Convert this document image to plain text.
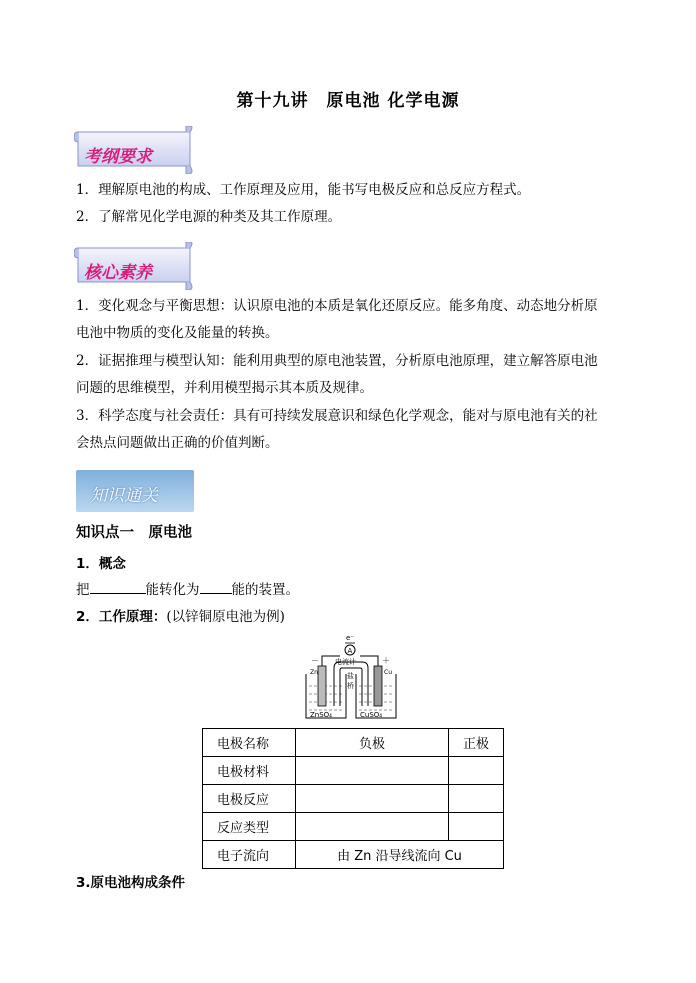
第十九讲　原电池 化学电源
考纲要求
1．理解原电池的构成、工作原理及应用，能书写电极反应和总反应方程式。
2．了解常见化学电源的种类及其工作原理。
核心素养
1．变化观念与平衡思想：认识原电池的本质是氧化还原反应。能多角度、动态地分析原
电池中物质的变化及能量的转换。
2．证据推理与模型认知：能利用典型的原电池装置，分析原电池原理，建立解答原电池
问题的思维模型，并利用模型揭示其本质及规律。
3．科学态度与社会责任：具有可持续发展意识和绿色化学观念，能对与原电池有关的社
会热点问题做出正确的价值判断。
知识通关
知识点一　原电池
1．概念
把	能转化为 能的装置。
2．工作原理：(以锌铜原电池为例)
e⁻
A
电流计
盐
桥
－	＋
Zn	Cu
ZnSO₄	CuSO₄
电极名称	负极	正极
电极材料		
电极反应		
反应类型		
电子流向	由 Zn 沿导线流向 Cu	
3.原电池构成条件
